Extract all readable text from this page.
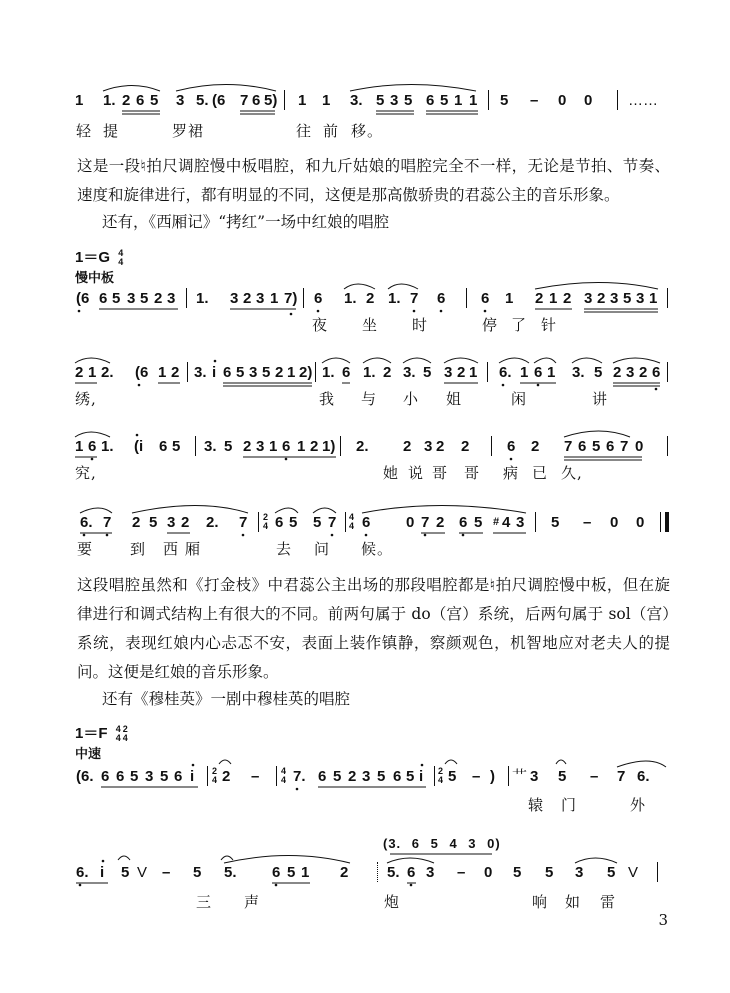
1 1. 2 6 5 3 5. (6 7 6 5) 1 1 3. 5 3 5 6 5 1 1 5 – 0 0 ……
轻 提	罗裙	往 前 移。
这是一段♮拍尺调腔慢中板唱腔，和九斤姑娘的唱腔完全不一样，无论是节拍、节奏、速度和旋律进行，都有明显的不同，这便是那高傲骄贵的君蕊公主的音乐形象。
还有，《西厢记》“拷红”一场中红娘的唱腔
1＝G 4
4
慢中板
(6 6 5 3 5 2 3 1. 3 2 3 1 7) 6 1. 2 1. 7 6 6 1 2 1 2 3 2 3 5 3 1
夜 坐 时	停 了 针
2 1 2. (6 1 2 3. i 6 5 3 5 2 1 2) 1. 6 1. 2 3. 5 3 2 1 6. 1 6 1 3. 5 2 3 2 6
绣,	我 与 小 姐	闲	讲
1 6 1. (i 6 5 3. 5 2 3 1 6 1 2 1) 2. 2 3 2 2	6 2 7 6 5 6 7 0
究,	她 说 哥 哥 病 已 久,
6. 7 2 5 3 2 2. 7 2
4 6 5 5 7 4
4 6 0 7 2 6 5 # 4 3 5 – 0 0
要 到 西 厢	去 问 候。
这段唱腔虽然和《打金枝》中君蕊公主出场的那段唱腔都是♮拍尺调腔慢中板，但在旋律进行和调式结构上有很大的不同。前两句属于 do（宫）系统，后两句属于 sol（宫）系统，表现红娘内心忐忑不安，表面上装作镇静，察颜观色，机智地应对老夫人的提问。这便是红娘的音乐形象。
还有《穆桂英》一剧中穆桂英的唱腔
1＝F 4
42
4
中速
(6. 6 6 5 3 5 6 i 2
4 2 – 4
4 7. 6 5 2 3 5 6 5 i 2
4 5 – ) 艹 3 5 – 7 6.
辕 门	外
(3. 6 5 4 3 0)
6. i 5 V – 5 5. 6 5 1 2	5. 6 3 – 0 5 5 3 5 V
三 声	炮	响 如 雷
3
